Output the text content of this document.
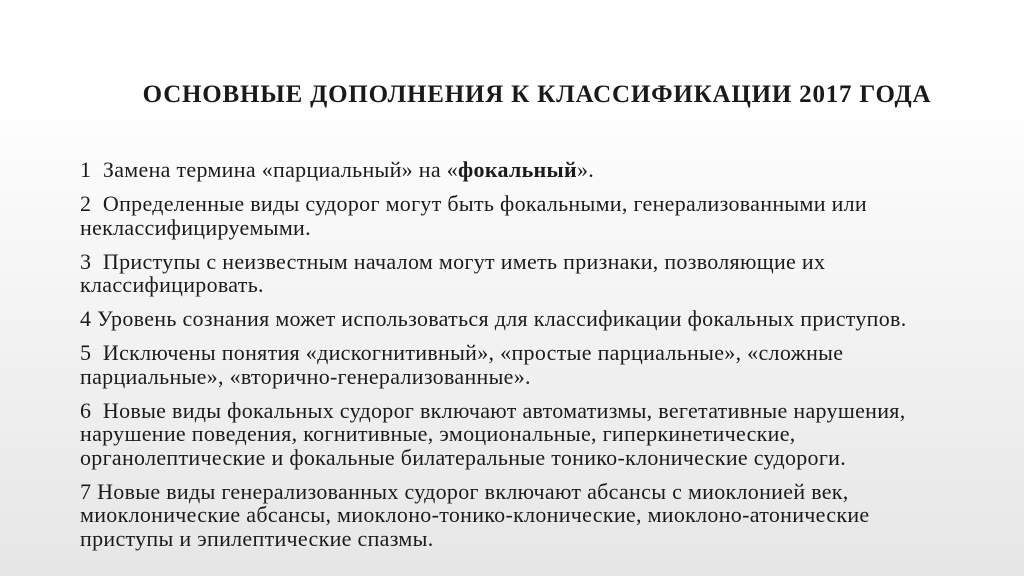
ОСНОВНЫЕ ДОПОЛНЕНИЯ К КЛАССИФИКАЦИИ 2017 ГОДА
1  Замена термина «парциальный» на «фокальный».
2  Определенные виды судорог могут быть фокальными, генерализованными или
неклассифицируемыми.
3  Приступы с неизвестным началом могут иметь признаки, позволяющие их
классифицировать.
4 Уровень сознания может использоваться для классификации фокальных приступов.
5  Исключены понятия «дискогнитивный», «простые парциальные», «сложные
парциальные», «вторично-генерализованные».
6  Новые виды фокальных судорог включают автоматизмы, вегетативные нарушения,
нарушение поведения, когнитивные, эмоциональные, гиперкинетические,
органолептические и фокальные билатеральные тонико-клонические судороги.
7 Новые виды генерализованных судорог включают абсансы с миоклонией век,
миоклонические абсансы, миоклоно-тонико-клонические, миоклоно-атонические
приступы и эпилептические спазмы.
